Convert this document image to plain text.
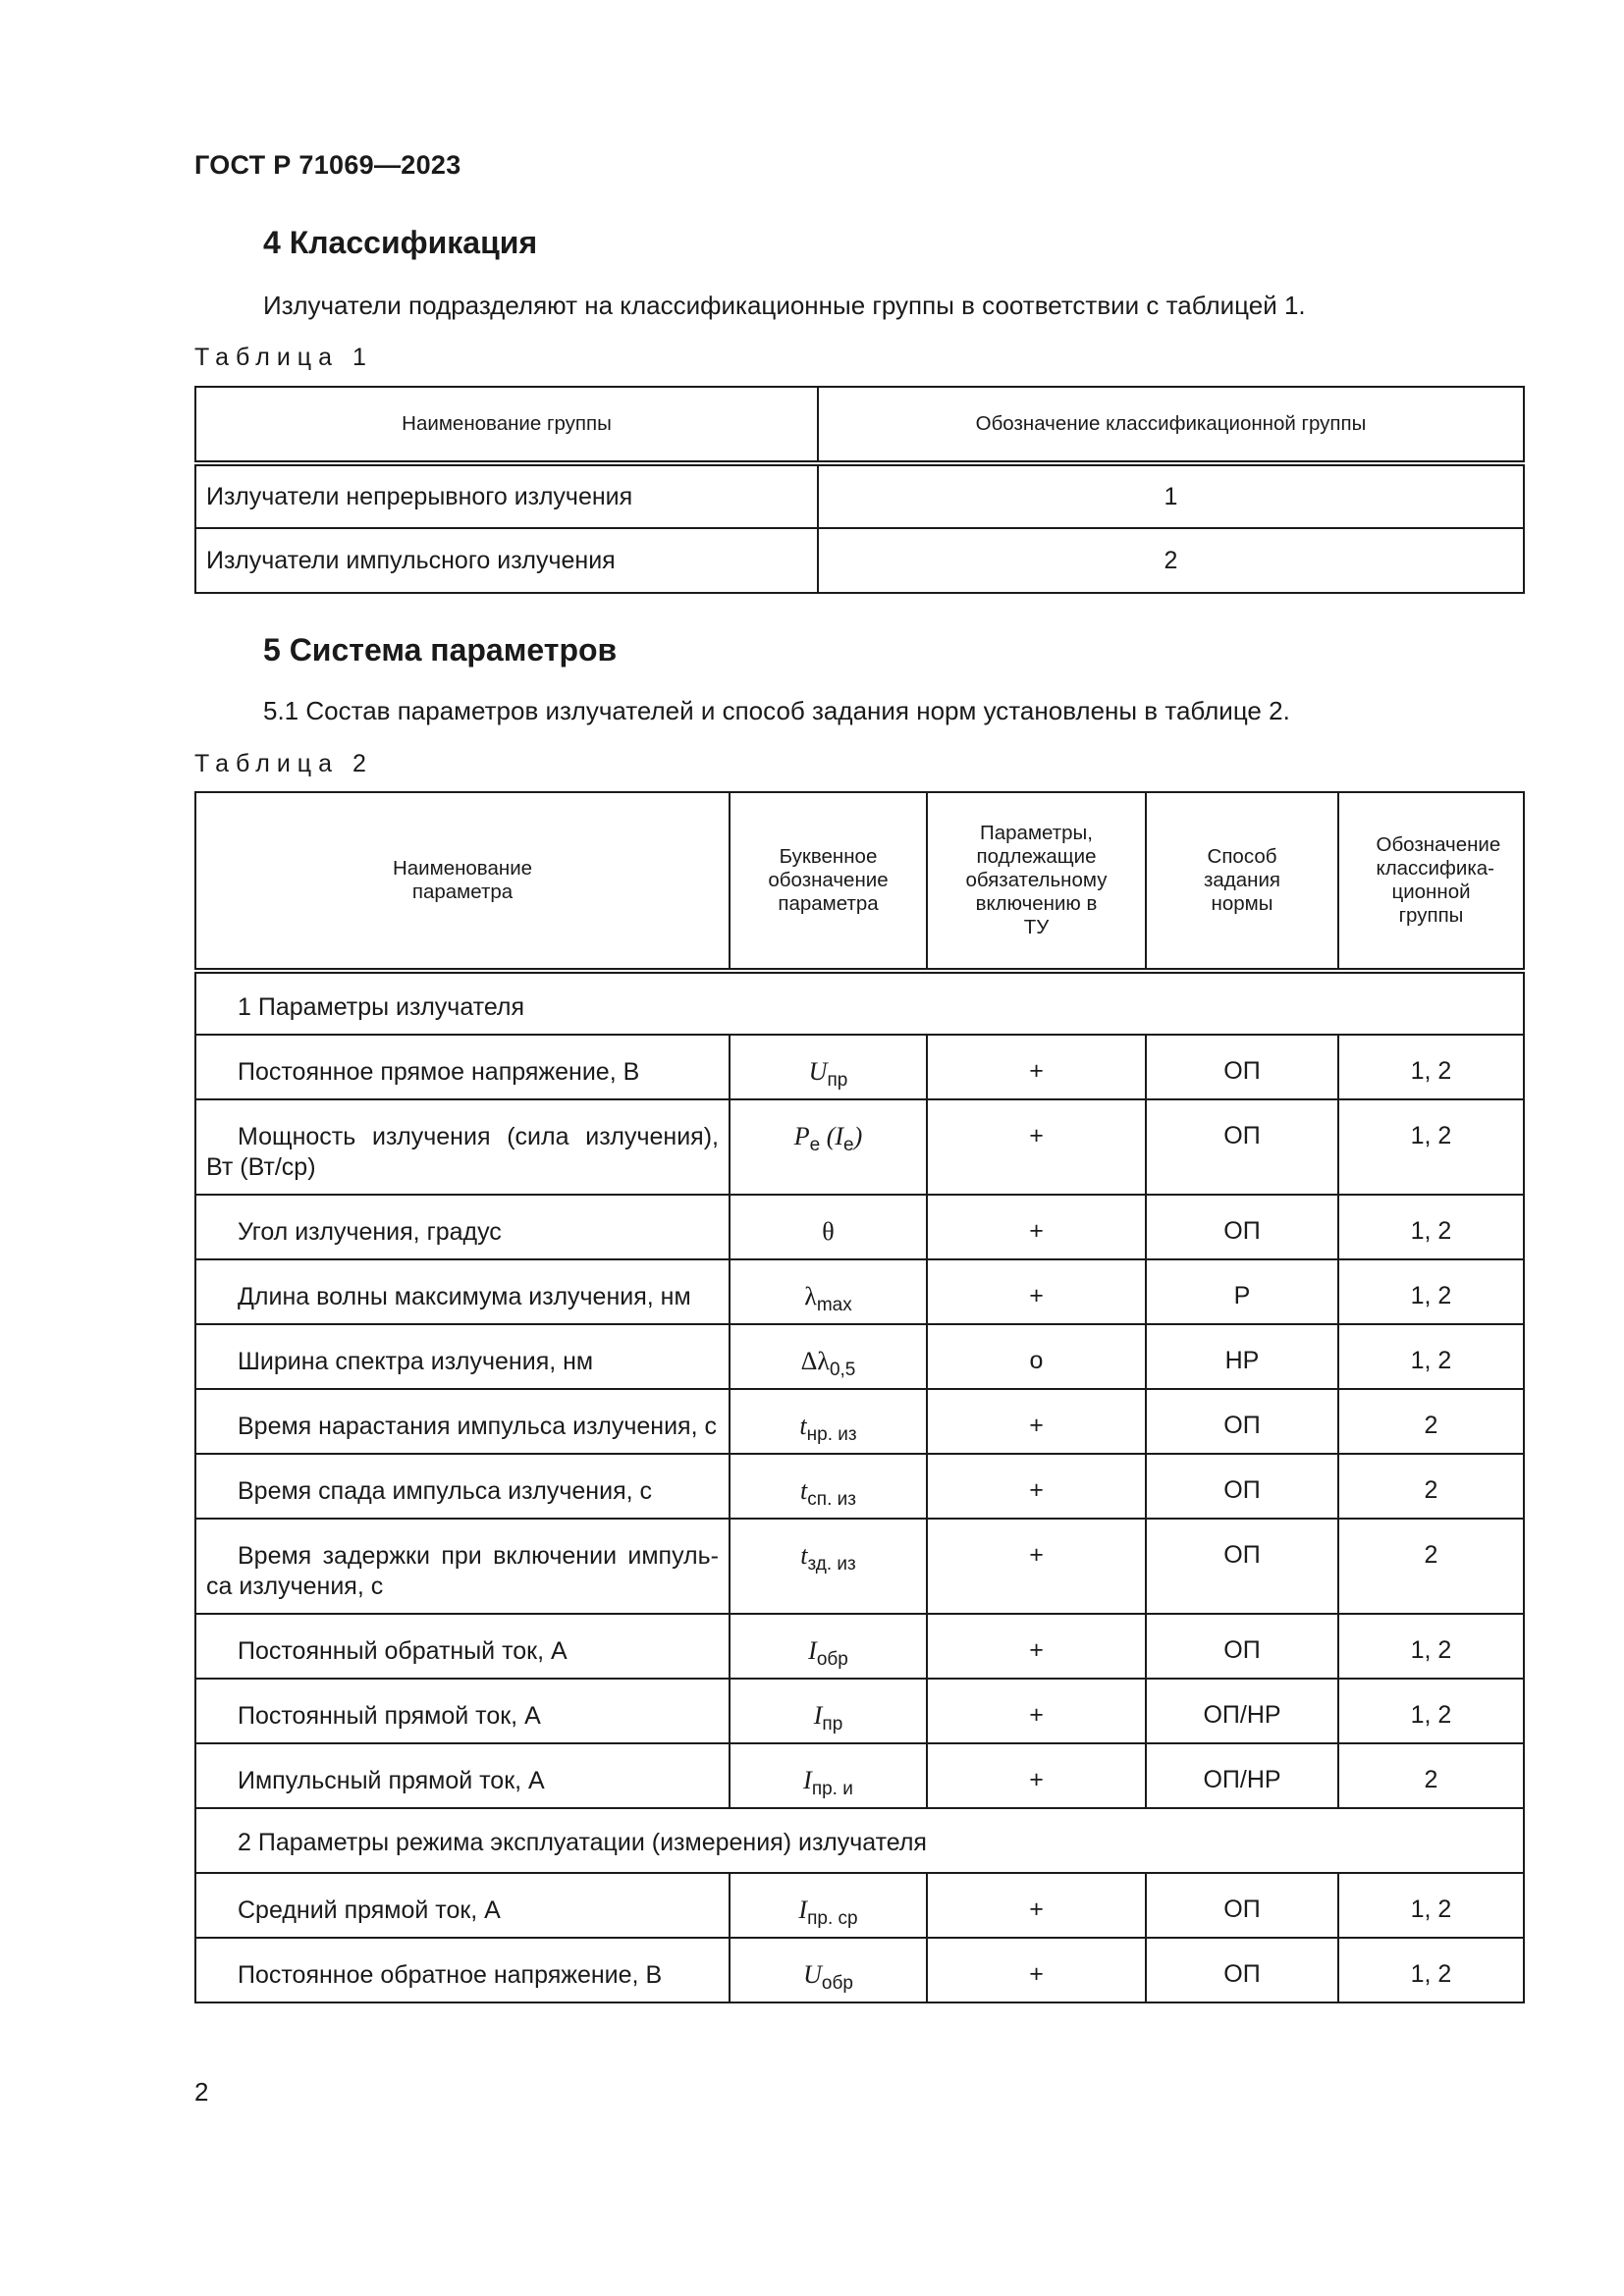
ГОСТ Р 71069—2023
4 Классификация
Излучатели подразделяют на классификационные группы в соответствии с таблицей 1.
Таблица 1
Наименование группы	Обозначение классификационной группы
Излучатели непрерывного излучения	1
Излучатели импульсного излучения	2
5 Система параметров
5.1 Состав параметров излучателей и способ задания норм установлены в таблице 2.
Таблица 2
Наименование параметра	Буквенное обозначение параметра	Параметры, подлежащие обязательному включению в ТУ	Способ задания нормы	Обозначение классифика-ционной группы

1 Параметры излучателя				

Постоянное прямое напряжение, В	$U_{пр}$	+	ОП	1, 2

Мощность излучения (сила излучения), Вт (Вт/ср)	$P_e$ $(I_e)$	+	ОП	1, 2

Угол излучения, градус	θ	+	ОП	1, 2

Длина волны максимума излучения, нм	$\lambda_{max}$	+	Р	1, 2

Ширина спектра излучения, нм	$\Delta\lambda_{0,5}$	о	НР	1, 2

Время нарастания импульса излучения, с	$t_{нр. из}$	+	ОП	2

Время спада импульса излучения, с	$t_{сп. из}$	+	ОП	2

Время задержки при включении импуль-са излучения, с	$t_{зд. из}$	+	ОП	2

Постоянный обратный ток, А	$I_{обр}$	+	ОП	1, 2

Постоянный прямой ток, А	$I_{пр}$	+	ОП/НР	1, 2

Импульсный прямой ток, А	$I_{пр. и}$	+	ОП/НР	2
2 Параметры режима эксплуатации (измерения) излучателя				

Средний прямой ток, А	$I_{пр. ср}$	+	ОП	1, 2

Постоянное обратное напряжение, В	$U_{обр}$	+	ОП	1, 2
2
